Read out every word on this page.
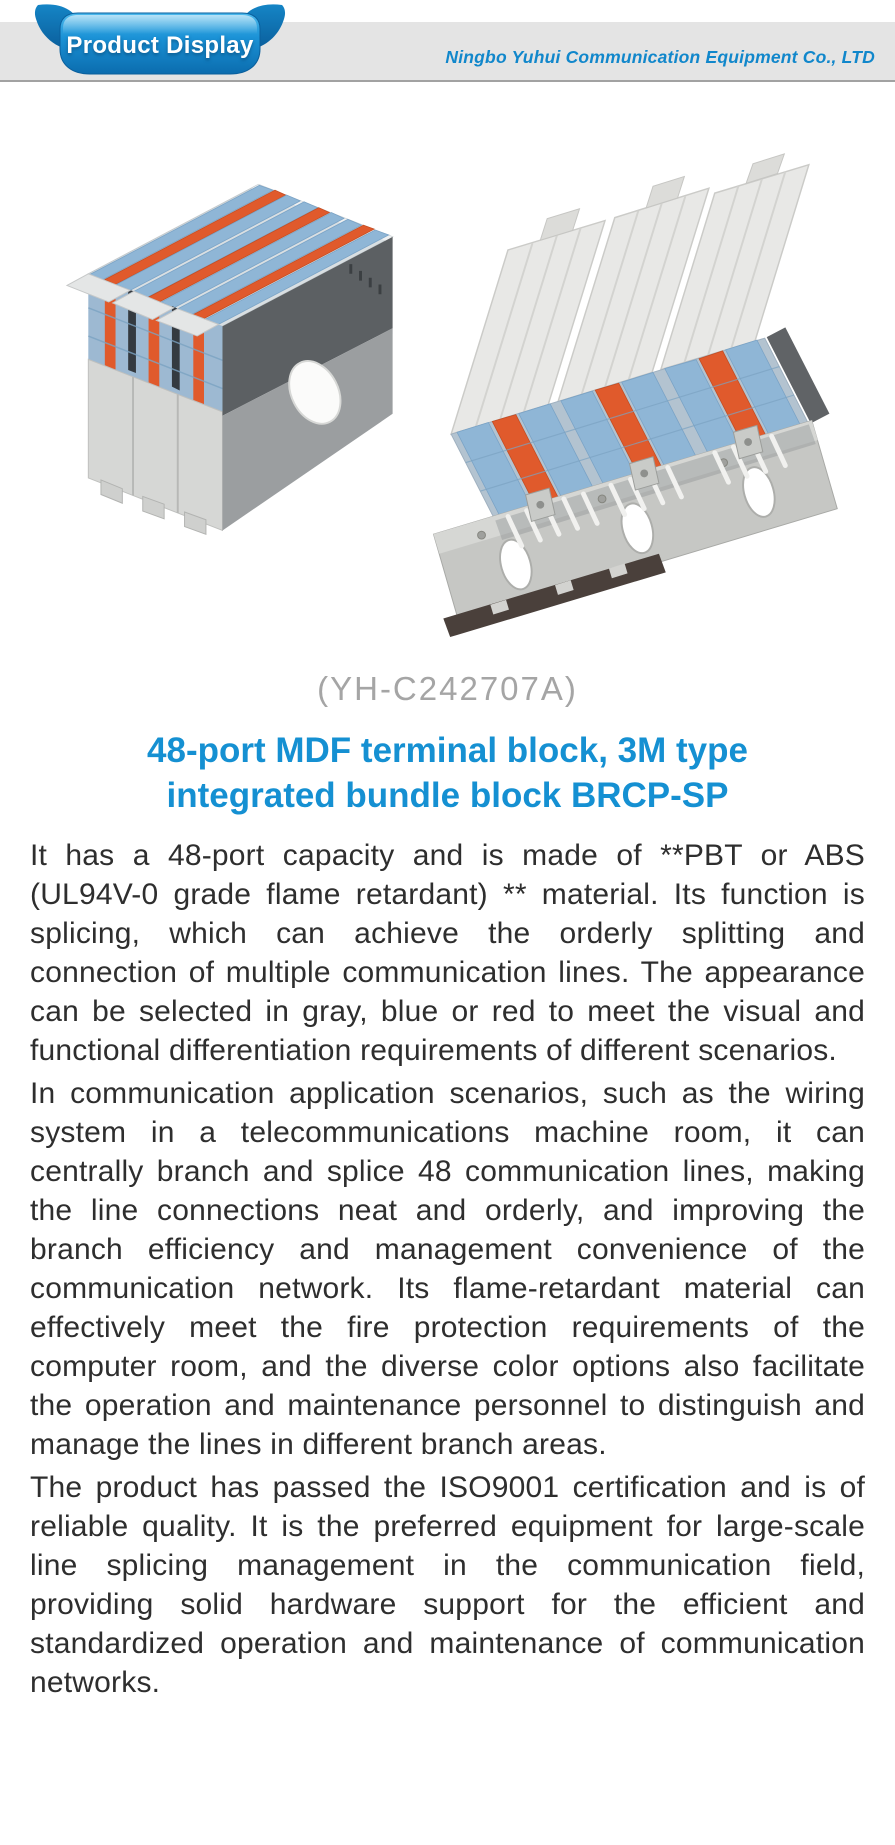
Product Display	Ningbo Yuhui Communication Equipment Co., LTD
(YH-C242707A)
48-port MDF terminal block, 3M type
integrated bundle block BRCP-SP

It has a 48-port capacity and is made of **PBT or ABS (UL94V-0 grade flame retardant) ** material. Its function is splicing, which can achieve the orderly splitting and connection of multiple communication lines. The appearance can be selected in gray, blue or red to meet the visual and functional differentiation requirements of different scenarios.

In communication application scenarios, such as the wiring system in a telecommunications machine room, it can centrally branch and splice 48 communication lines, making the line connections neat and orderly, and improving the branch efficiency and management convenience of the communication network. Its flame-retardant material can effectively meet the fire protection requirements of the computer room, and the diverse color options also facilitate the operation and maintenance personnel to distinguish and manage the lines in different branch areas.

The product has passed the ISO9001 certification and is of reliable quality. It is the preferred equipment for large-scale line splicing management in the communication field, providing solid hardware support for the efficient and standardized operation and maintenance of communication networks.
